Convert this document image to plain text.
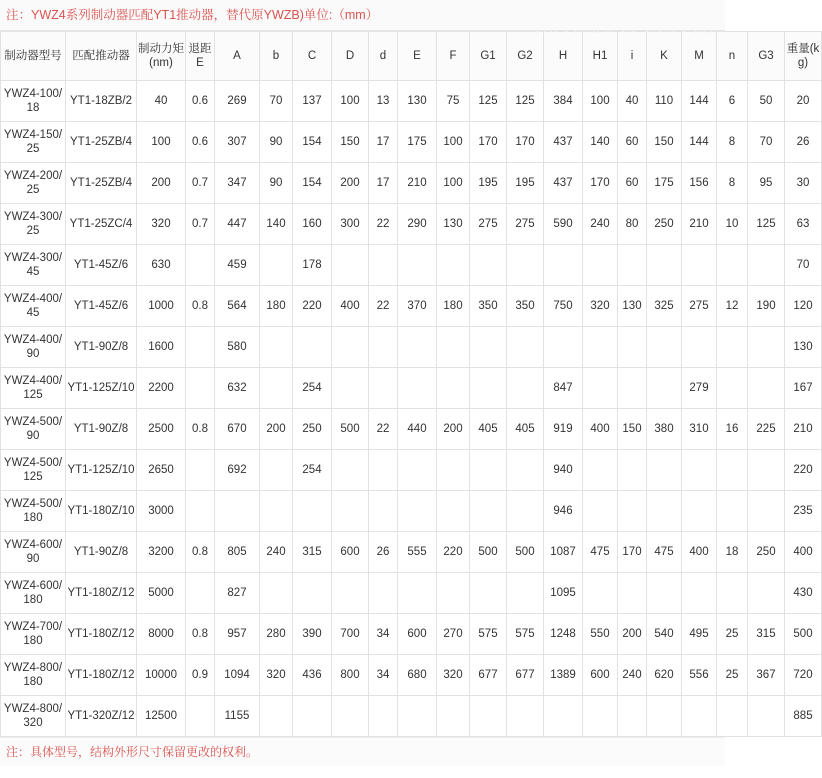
注：YWZ4系列制动器匹配YT1推动器，替代原YWZB)单位:（mm）
制动器型号	匹配推动器	制动力矩(nm)	退距E	A	b	C	D	d	E	F	G1	G2	H	H1	i	K	M	n	G3	重量(kg)
YWZ4-100/18	YT1-18ZB/2	40	0.6	269	70	137	100	13	130	75	125	125	384	100	40	110	144	6	50	20
YWZ4-150/25	YT1-25ZB/4	100	0.6	307	90	154	150	17	175	100	170	170	437	140	60	150	144	8	70	26
YWZ4-200/25	YT1-25ZB/4	200	0.7	347	90	154	200	17	210	100	195	195	437	170	60	175	156	8	95	30
YWZ4-300/25	YT1-25ZC/4	320	0.7	447	140	160	300	22	290	130	275	275	590	240	80	250	210	10	125	63
YWZ4-300/45	YT1-45Z/6	630		459		178														70
YWZ4-400/45	YT1-45Z/6	1000	0.8	564	180	220	400	22	370	180	350	350	750	320	130	325	275	12	190	120
YWZ4-400/90	YT1-90Z/8	1600		580																130
YWZ4-400/125	YT1-125Z/10	2200		632		254							847				279			167
YWZ4-500/90	YT1-90Z/8	2500	0.8	670	200	250	500	22	440	200	405	405	919	400	150	380	310	16	225	210
YWZ4-500/125	YT1-125Z/10	2650		692		254							940							220
YWZ4-500/180	YT1-180Z/10	3000											946							235
YWZ4-600/90	YT1-90Z/8	3200	0.8	805	240	315	600	26	555	220	500	500	1087	475	170	475	400	18	250	400
YWZ4-600/180	YT1-180Z/12	5000		827									1095							430
YWZ4-700/180	YT1-180Z/12	8000	0.8	957	280	390	700	34	600	270	575	575	1248	550	200	540	495	25	315	500
YWZ4-800/180	YT1-180Z/12	10000	0.9	1094	320	436	800	34	680	320	677	677	1389	600	240	620	556	25	367	720
YWZ4-800/320	YT1-320Z/12	12500		1155																885
注：具体型号，结构外形尺寸保留更改的权利。
